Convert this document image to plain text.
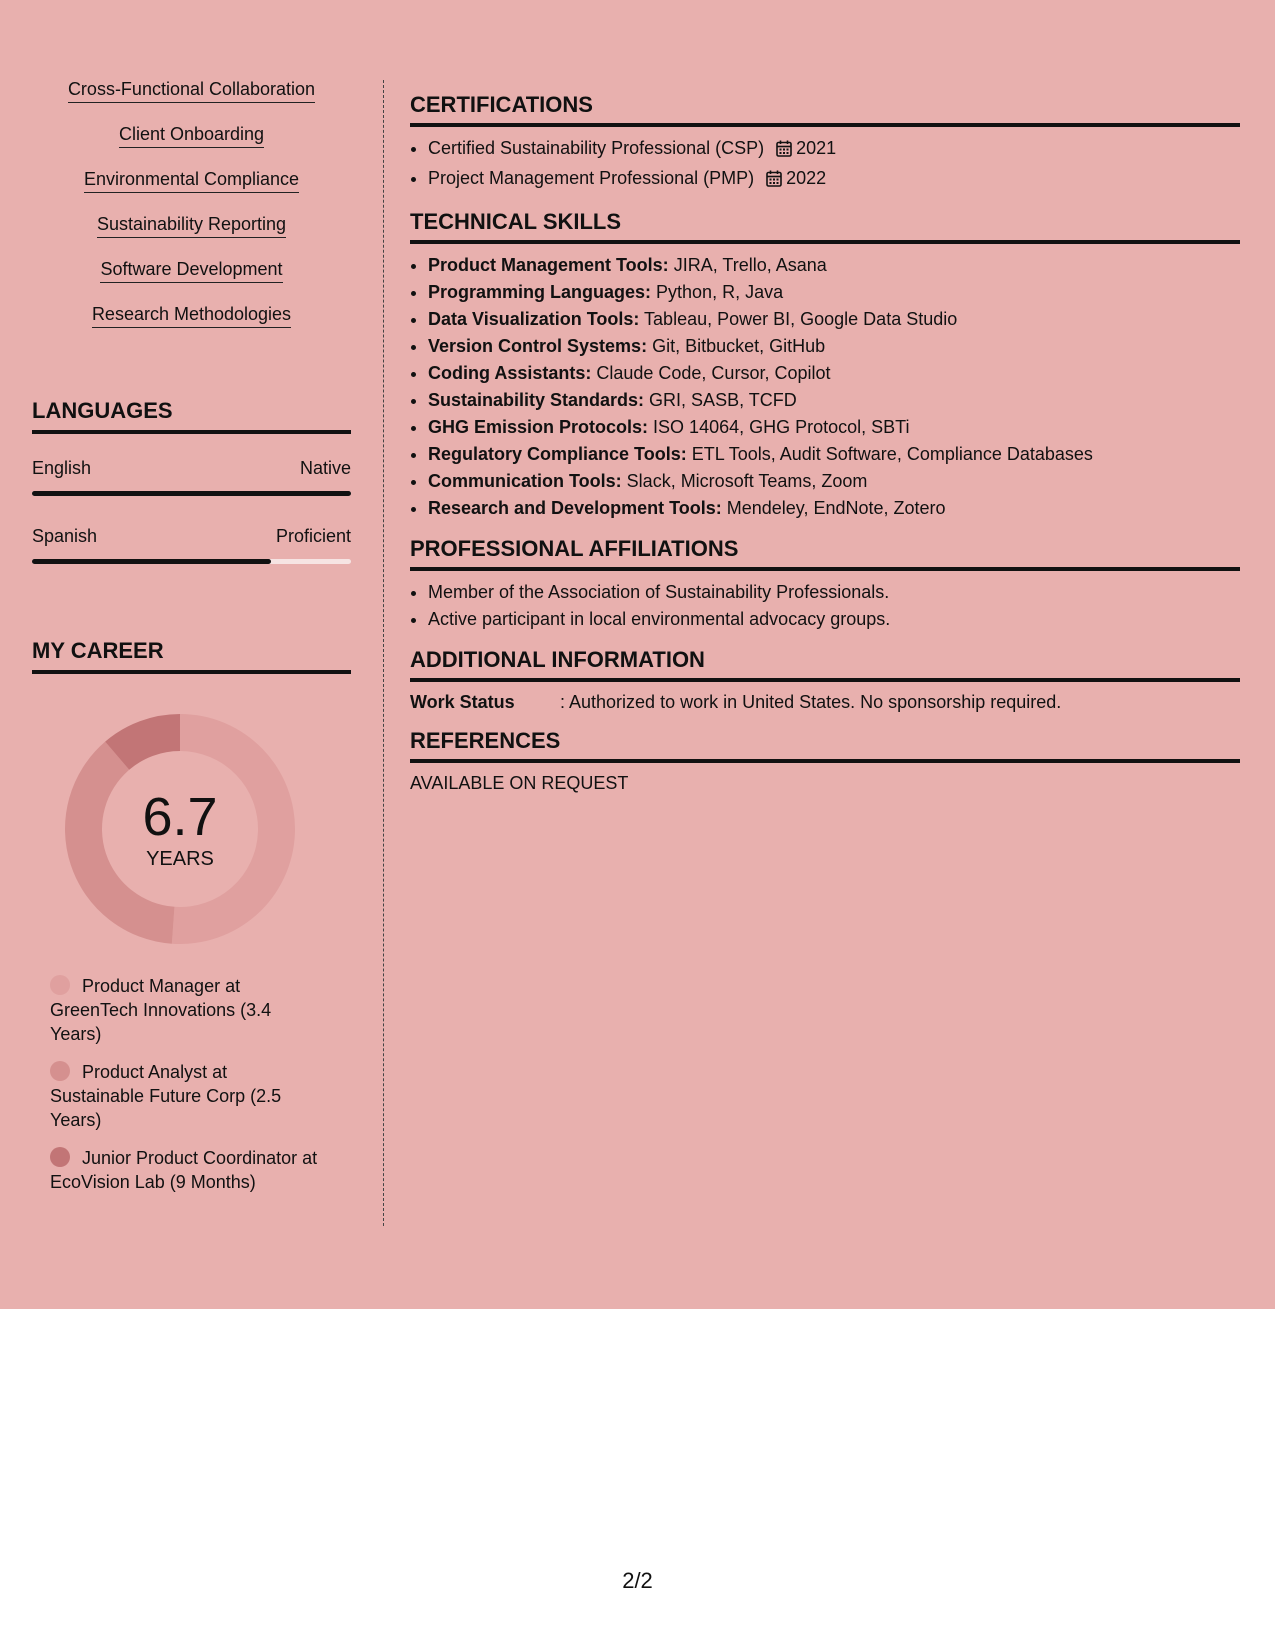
Cross-Functional Collaboration
Client Onboarding
Environmental Compliance
Sustainability Reporting
Software Development
Research Methodologies
LANGUAGES
English	Native
Spanish	Proficient
MY CAREER
6.7
YEARS
Product Manager at GreenTech Innovations (3.4 Years)
Product Analyst at Sustainable Future Corp (2.5 Years)
Junior Product Coordinator at EcoVision Lab (9 Months)
CERTIFICATIONS
• Certified Sustainability Professional (CSP) 2021
• Project Management Professional (PMP) 2022
TECHNICAL SKILLS
• Product Management Tools: JIRA, Trello, Asana
• Programming Languages: Python, R, Java
• Data Visualization Tools: Tableau, Power BI, Google Data Studio
• Version Control Systems: Git, Bitbucket, GitHub
• Coding Assistants: Claude Code, Cursor, Copilot
• Sustainability Standards: GRI, SASB, TCFD
• GHG Emission Protocols: ISO 14064, GHG Protocol, SBTi
• Regulatory Compliance Tools: ETL Tools, Audit Software, Compliance Databases
• Communication Tools: Slack, Microsoft Teams, Zoom
• Research and Development Tools: Mendeley, EndNote, Zotero
PROFESSIONAL AFFILIATIONS
• Member of the Association of Sustainability Professionals.
• Active participant in local environmental advocacy groups.
ADDITIONAL INFORMATION
Work Status	: Authorized to work in United States. No sponsorship required.
REFERENCES
AVAILABLE ON REQUEST
2/2
